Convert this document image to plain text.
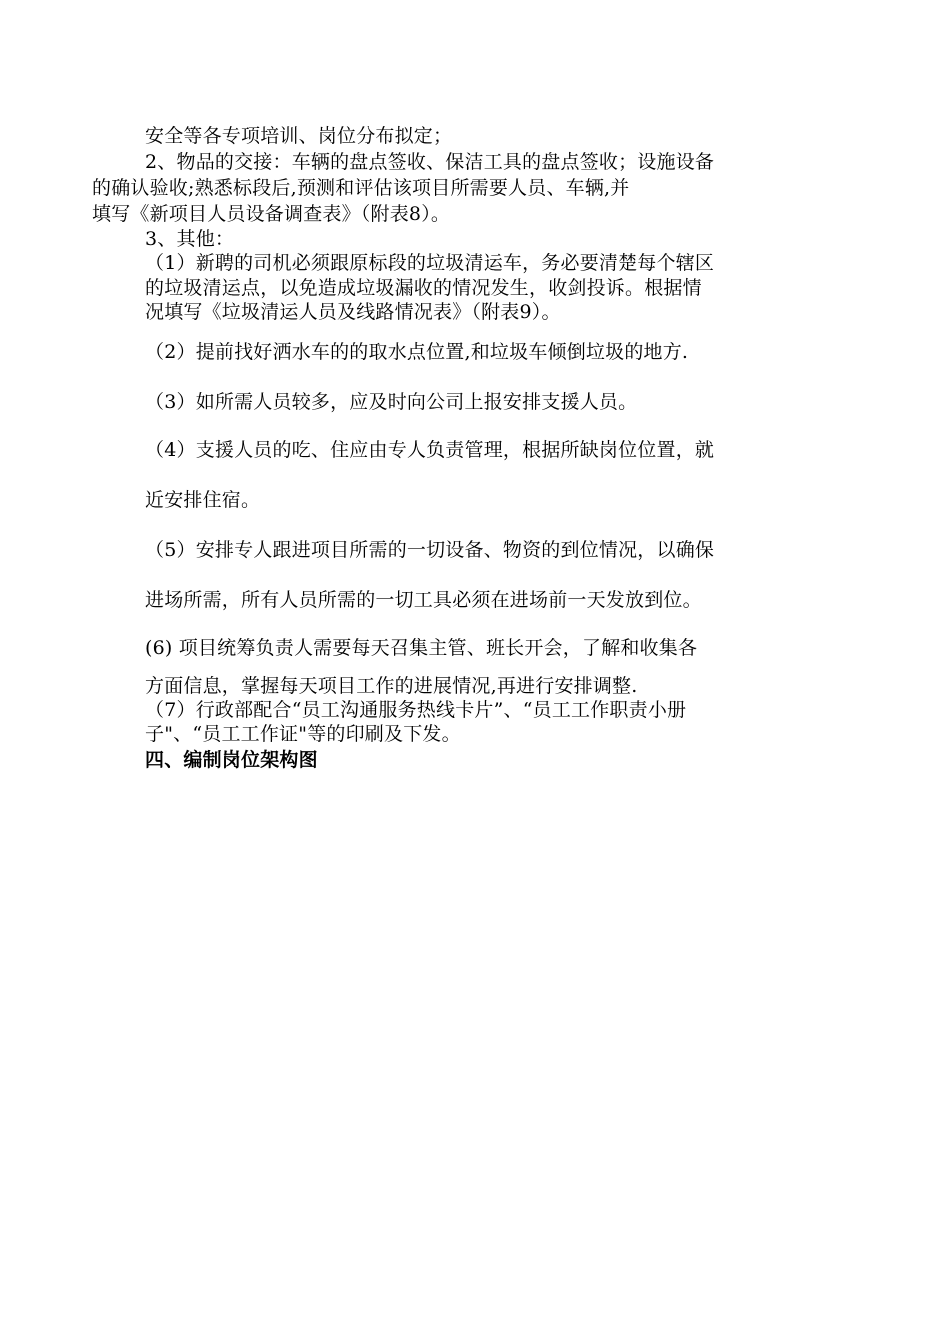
安全等各专项培训、岗位分布拟定；
2、物品的交接：车辆的盘点签收、保洁工具的盘点签收；设施设备
的确认验收;熟悉标段后,预测和评估该项目所需要人员、车辆,并
填写《新项目人员设备调查表》（附表8）。
3、其他：
（1）新聘的司机必须跟原标段的垃圾清运车，务必要清楚每个辖区
的垃圾清运点，以免造成垃圾漏收的情况发生，收剑投诉。根据情
况填写《垃圾清运人员及线路情况表》（附表9）。
（2）提前找好洒水车的的取水点位置,和垃圾车倾倒垃圾的地方.
（3）如所需人员较多，应及时向公司上报安排支援人员。
（4）支援人员的吃、住应由专人负责管理，根据所缺岗位位置，就
近安排住宿。
（5）安排专人跟进项目所需的一切设备、物资的到位情况，以确保
进场所需，所有人员所需的一切工具必须在进场前一天发放到位。
(6) 项目统筹负责人需要每天召集主管、班长开会，了解和收集各
方面信息，掌握每天项目工作的进展情况,再进行安排调整.
（7）行政部配合“员工沟通服务热线卡片”、“员工工作职责小册
子"、“员工工作证"等的印刷及下发。
四、编制岗位架构图
